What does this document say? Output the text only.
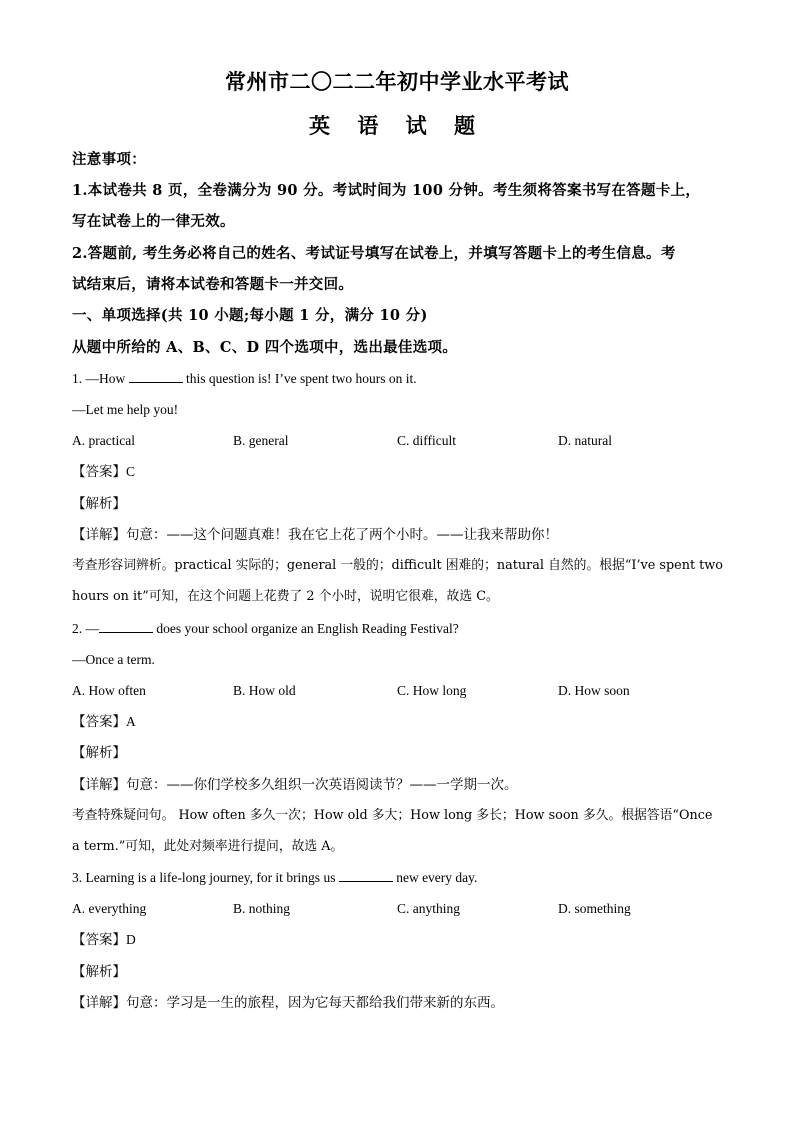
常州市二〇二二年初中学业水平考试
英 语 试 题
注意事项：
1.本试卷共 8 页，全卷满分为 90 分。考试时间为 100 分钟。考生须将答案书写在答题卡上，
写在试卷上的一律无效。
2.答题前, 考生务必将自己的姓名、考试证号填写在试卷上，并填写答题卡上的考生信息。考
试结束后，请将本试卷和答题卡一并交回。
一、单项选择(共 10 小题;每小题 1 分，满分 10 分)
从题中所给的 A、B、C、D 四个选项中，选出最佳选项。
1. —How	this question is! I’ve spent two hours on it.
—Let me help you!
A. practical	B. general	C. difficult	D. natural
【答案】C
【解析】
【详解】句意：——这个问题真难！我在它上花了两个小时。——让我来帮助你！
考查形容词辨析。practical 实际的；general 一般的；difficult 困难的；natural 自然的。根据“I’ve spent two
hours on it”可知，在这个问题上花费了 2 个小时，说明它很难，故选 C。
2. —	does your school organize an English Reading Festival?
—Once a term.
A. How often	B. How old	C. How long	D. How soon
【答案】A
【解析】
【详解】句意：——你们学校多久组织一次英语阅读节？——一学期一次。
考查特殊疑问句。 How often 多久一次；How old 多大；How long 多长；How soon 多久。根据答语“Once
a term.”可知，此处对频率进行提问，故选 A。
3. Learning is a life-long journey, for it brings us	new every day.
A. everything	B. nothing	C. anything	D. something
【答案】D
【解析】
【详解】句意：学习是一生的旅程，因为它每天都给我们带来新的东西。
